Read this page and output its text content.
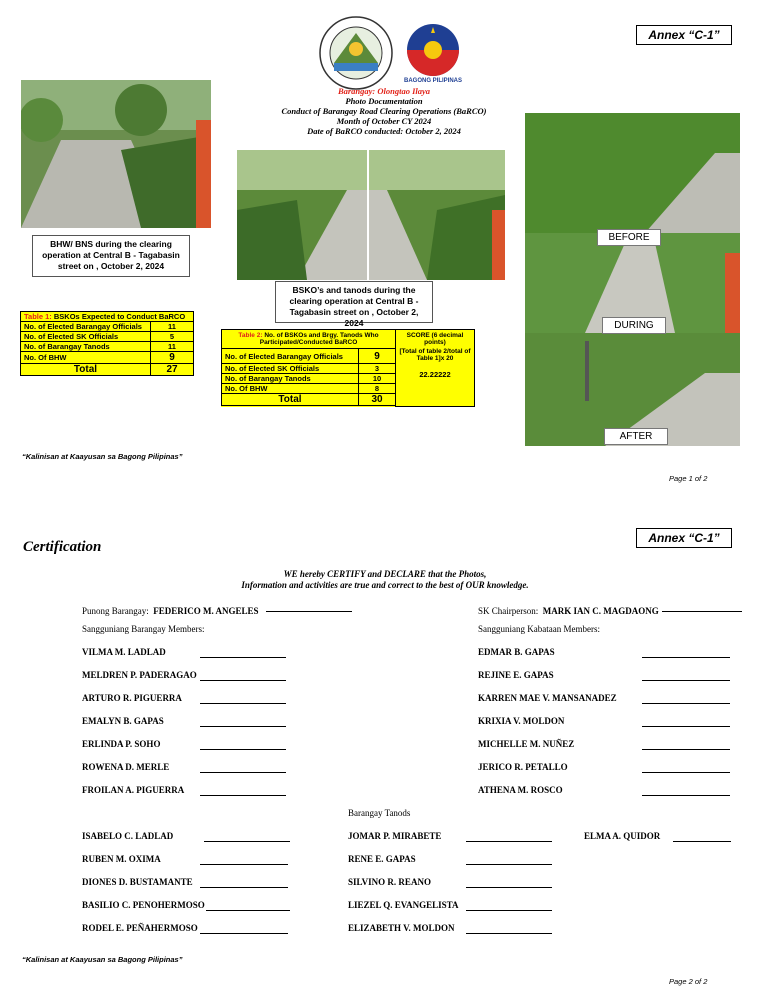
Annex “C-1”
BAGONG PILIPINAS
Barangay: Olongtao Ilaya
Photo Documentation
Conduct of Barangay Road Clearing Operations (BaRCO)
Month of October CY 2024
Date of BaRCO conducted: October 2, 2024
BHW/ BNS during the clearing operation at Central B - Tagabasin street on , October 2, 2024
BSKO’s and tanods during the clearing operation at Central B -Tagabasin street on , October 2, 2024
BEFORE
DURING
AFTER
Table 1: BSKOs Expected to Conduct BaRCO	
No. of Elected Barangay Officials	11
No. of Elected SK Officials	5
No. of Barangay Tanods	11
No. Of BHW	9
Total	27
Table 2: No. of BSKOs and Brgy. Tanods Who Participated/Conducted BaRCO		SCORE (6 decimal points)
[Total of table 2/total of Table 1]x 20
22.22222

No. of Elected Barangay Officials	9	
No. of Elected SK Officials	3	
No. of Barangay Tanods	10	
No. Of BHW	8	
Total	30	

“Kalinisan at Kaayusan sa Bagong Pilipinas”
Page 1 of 2
Certification
Annex “C-1”
WE hereby CERTIFY and DECLARE that the Photos,
Information and activities are true and correct to the best of OUR knowledge.
Punong Barangay: FEDERICO M. ANGELES	SK Chairperson: MARK IAN C. MAGDAONG
Sangguniang Barangay Members:	Sangguniang Kabataan Members:
VILMA M. LADLAD
MELDREN P. PADERAGAO
ARTURO R. PIGUERRA
EMALYN B. GAPAS
ERLINDA P. SOHO
ROWENA D. MERLE
FROILAN A. PIGUERRA
EDMAR B. GAPAS
REJINE E. GAPAS
KARREN MAE V. MANSANADEZ
KRIXIA V. MOLDON
MICHELLE M. NUÑEZ
JERICO R. PETALLO
ATHENA M. ROSCO
Barangay Tanods
ISABELO C. LADLAD
RUBEN M. OXIMA
DIONES D. BUSTAMANTE
BASILIO C. PENOHERMOSO
RODEL E. PEÑAHERMOSO
JOMAR P. MIRABETE
RENE E. GAPAS
SILVINO R. REANO
LIEZEL Q. EVANGELISTA
ELIZABETH V. MOLDON
ELMA A. QUIDOR
“Kalinisan at Kaayusan sa Bagong Pilipinas”
Page 2 of 2
